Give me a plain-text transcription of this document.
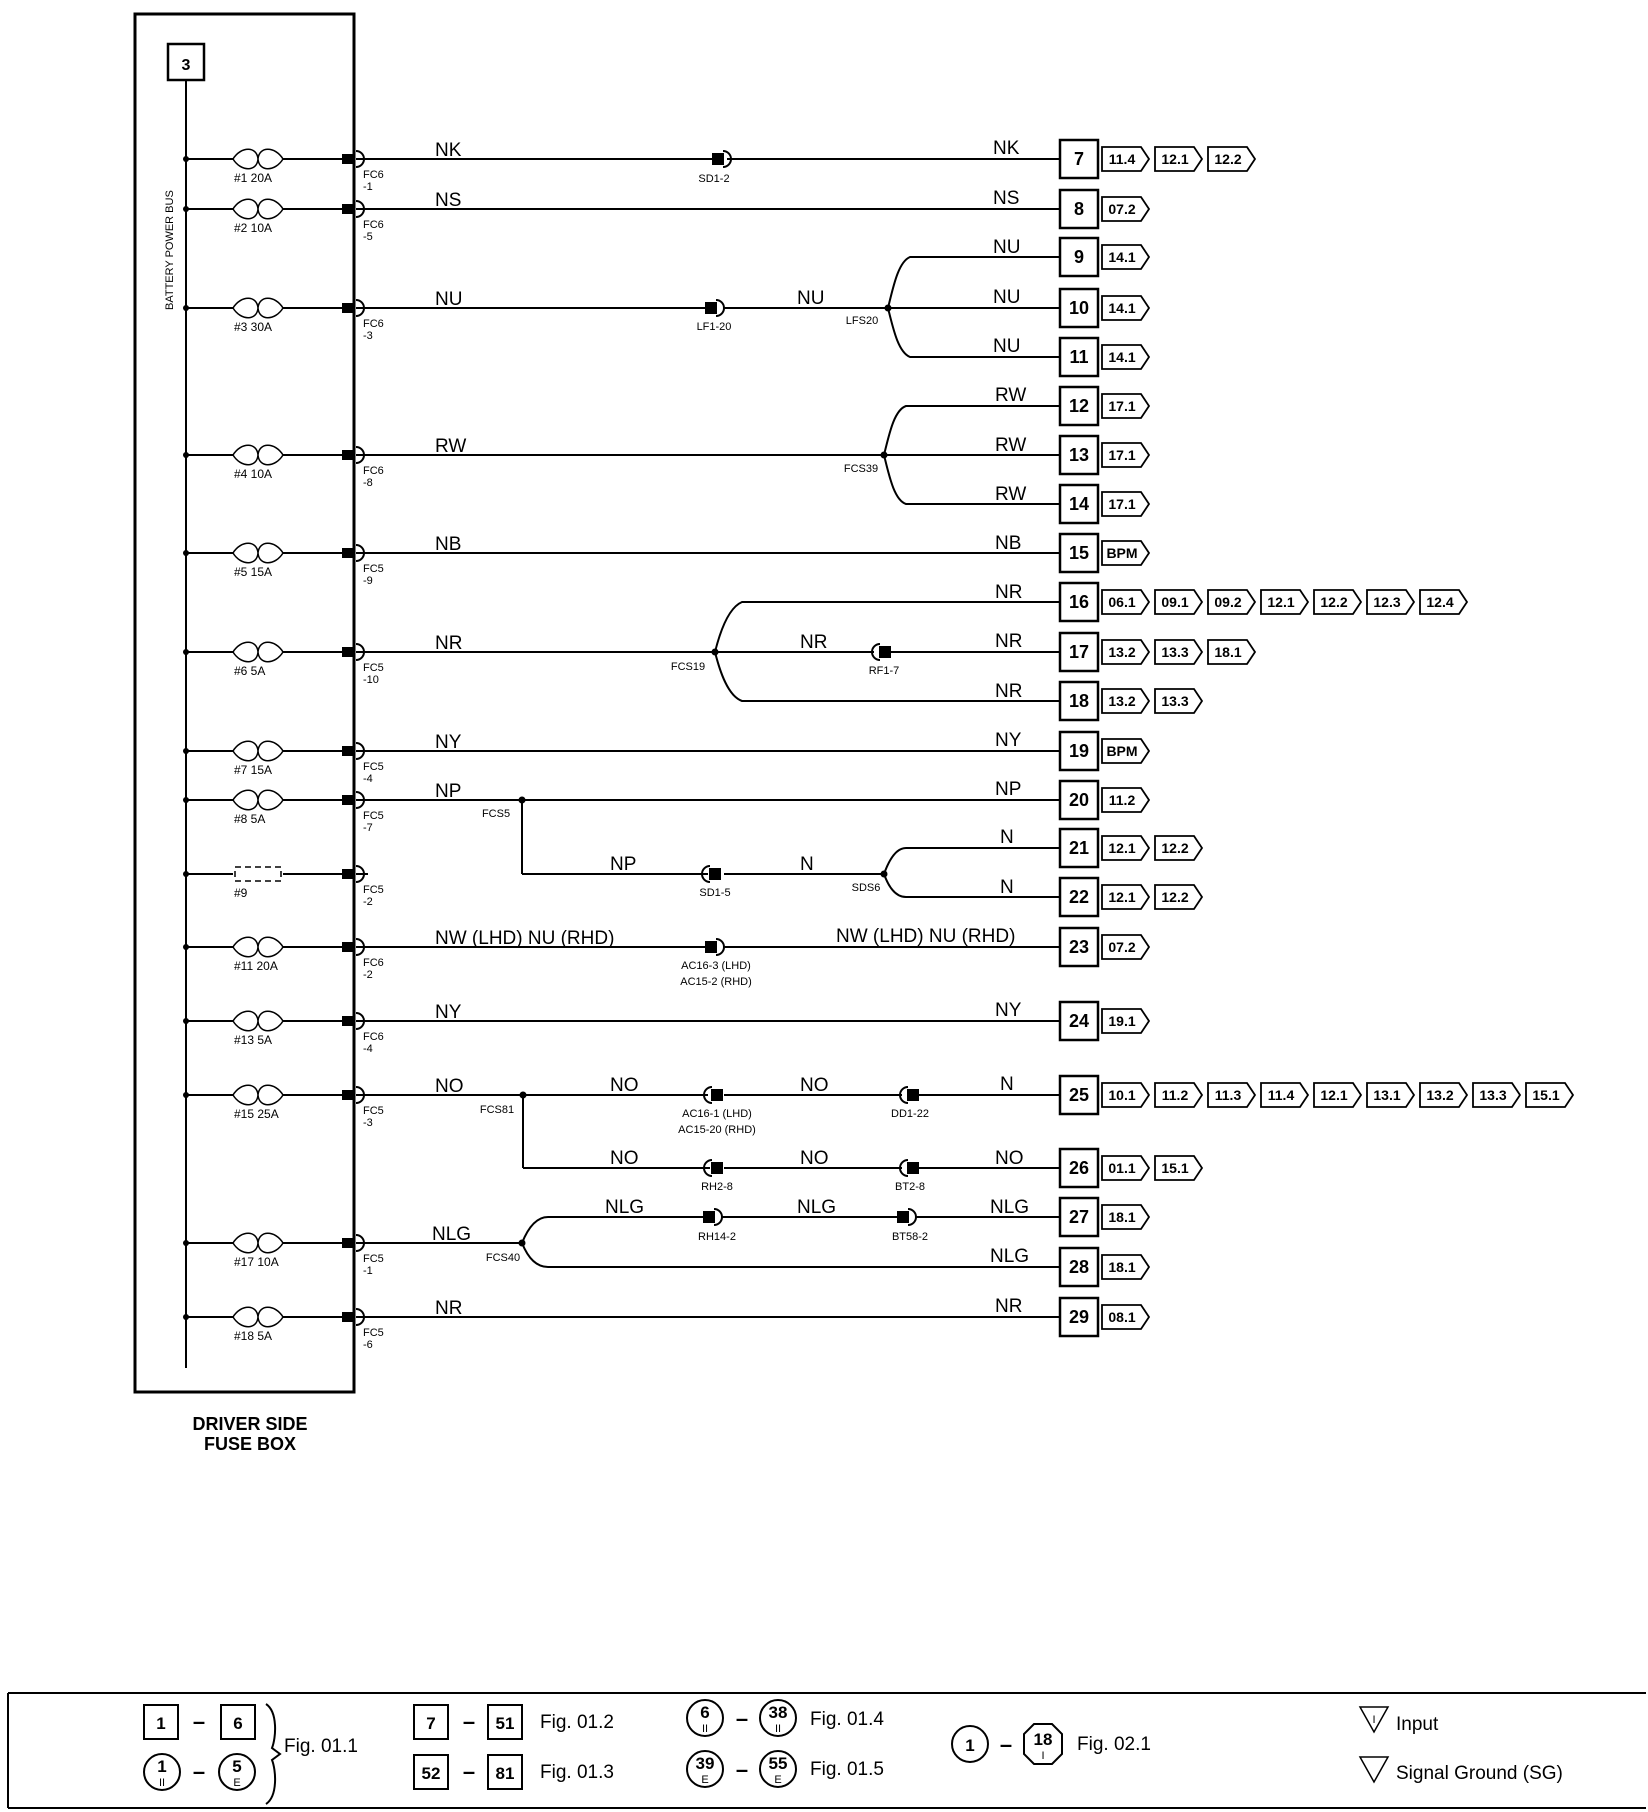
3
BATTERY POWER BUS
DRIVER SIDE
FUSE BOX
#1 20A	FC6
-1
#2 10A	FC6
-5
#3 30A	FC6
-3
#4 10A	FC6
-8
#5 15A	FC5
-9
#6 5A	FC5
-10
#7 15A	FC5
-4
#8 5A	FC5
-7
#9	FC5
-2
#11 20A	FC6
-2
#13 5A	FC6
-4
#15 25A	FC5
-3
#17 10A	FC5
-1
#18 5A	FC5
-6
NK	NK
NS	NS
NU	NU
NU
NU
NU
RW
RW
RW
RW
NB	NB
NR
NR
NR	NR
NR
NY	NY
NP	NP
NP	N
N
N
NW (LHD) NU (RHD)	NW (LHD) NU (RHD)
NY	NY
NO	NO	NO
NO	NO	NO
N
NLG
NLG	NLG	NLG
NLG
NR	NR
SD1-2
LF1-20	LFS20
FCS39
FCS19	RF1-7
FCS5
SD1-5	SDS6
AC16-3 (LHD)
AC15-2 (RHD)
FCS81	AC16-1 (LHD)
AC15-20 (RHD)
DD1-22
RH2-8	BT2-8
FCS40
RH14-2	BT58-2
7 11.4 12.1 12.2
8 07.2
9 14.1
10 14.1
11 14.1
12 17.1
13 17.1
14 17.1
15 BPM
16 06.1 09.1 09.2 12.1 12.2 12.3 12.4
17 13.2 13.3 18.1
18 13.2 13.3
19 BPM
20 11.2
21 12.1 12.2
22 12.1 12.2
23 07.2
24 19.1
25 10.1 11.2 11.3 11.4 12.1 13.1 13.2 13.3 15.1
26 01.1 15.1
27 18.1
28 18.1
29 08.1
1	6
1	5
7	51
52	81
6	38
39	55
1	18
II	E
II	II
E	E
I
I
–
–
–
–
–
–
–
Fig. 01.1
Fig. 01.2
Fig. 01.3
Fig. 01.4
Fig. 01.5
Fig. 02.1
Input
Signal Ground (SG)
